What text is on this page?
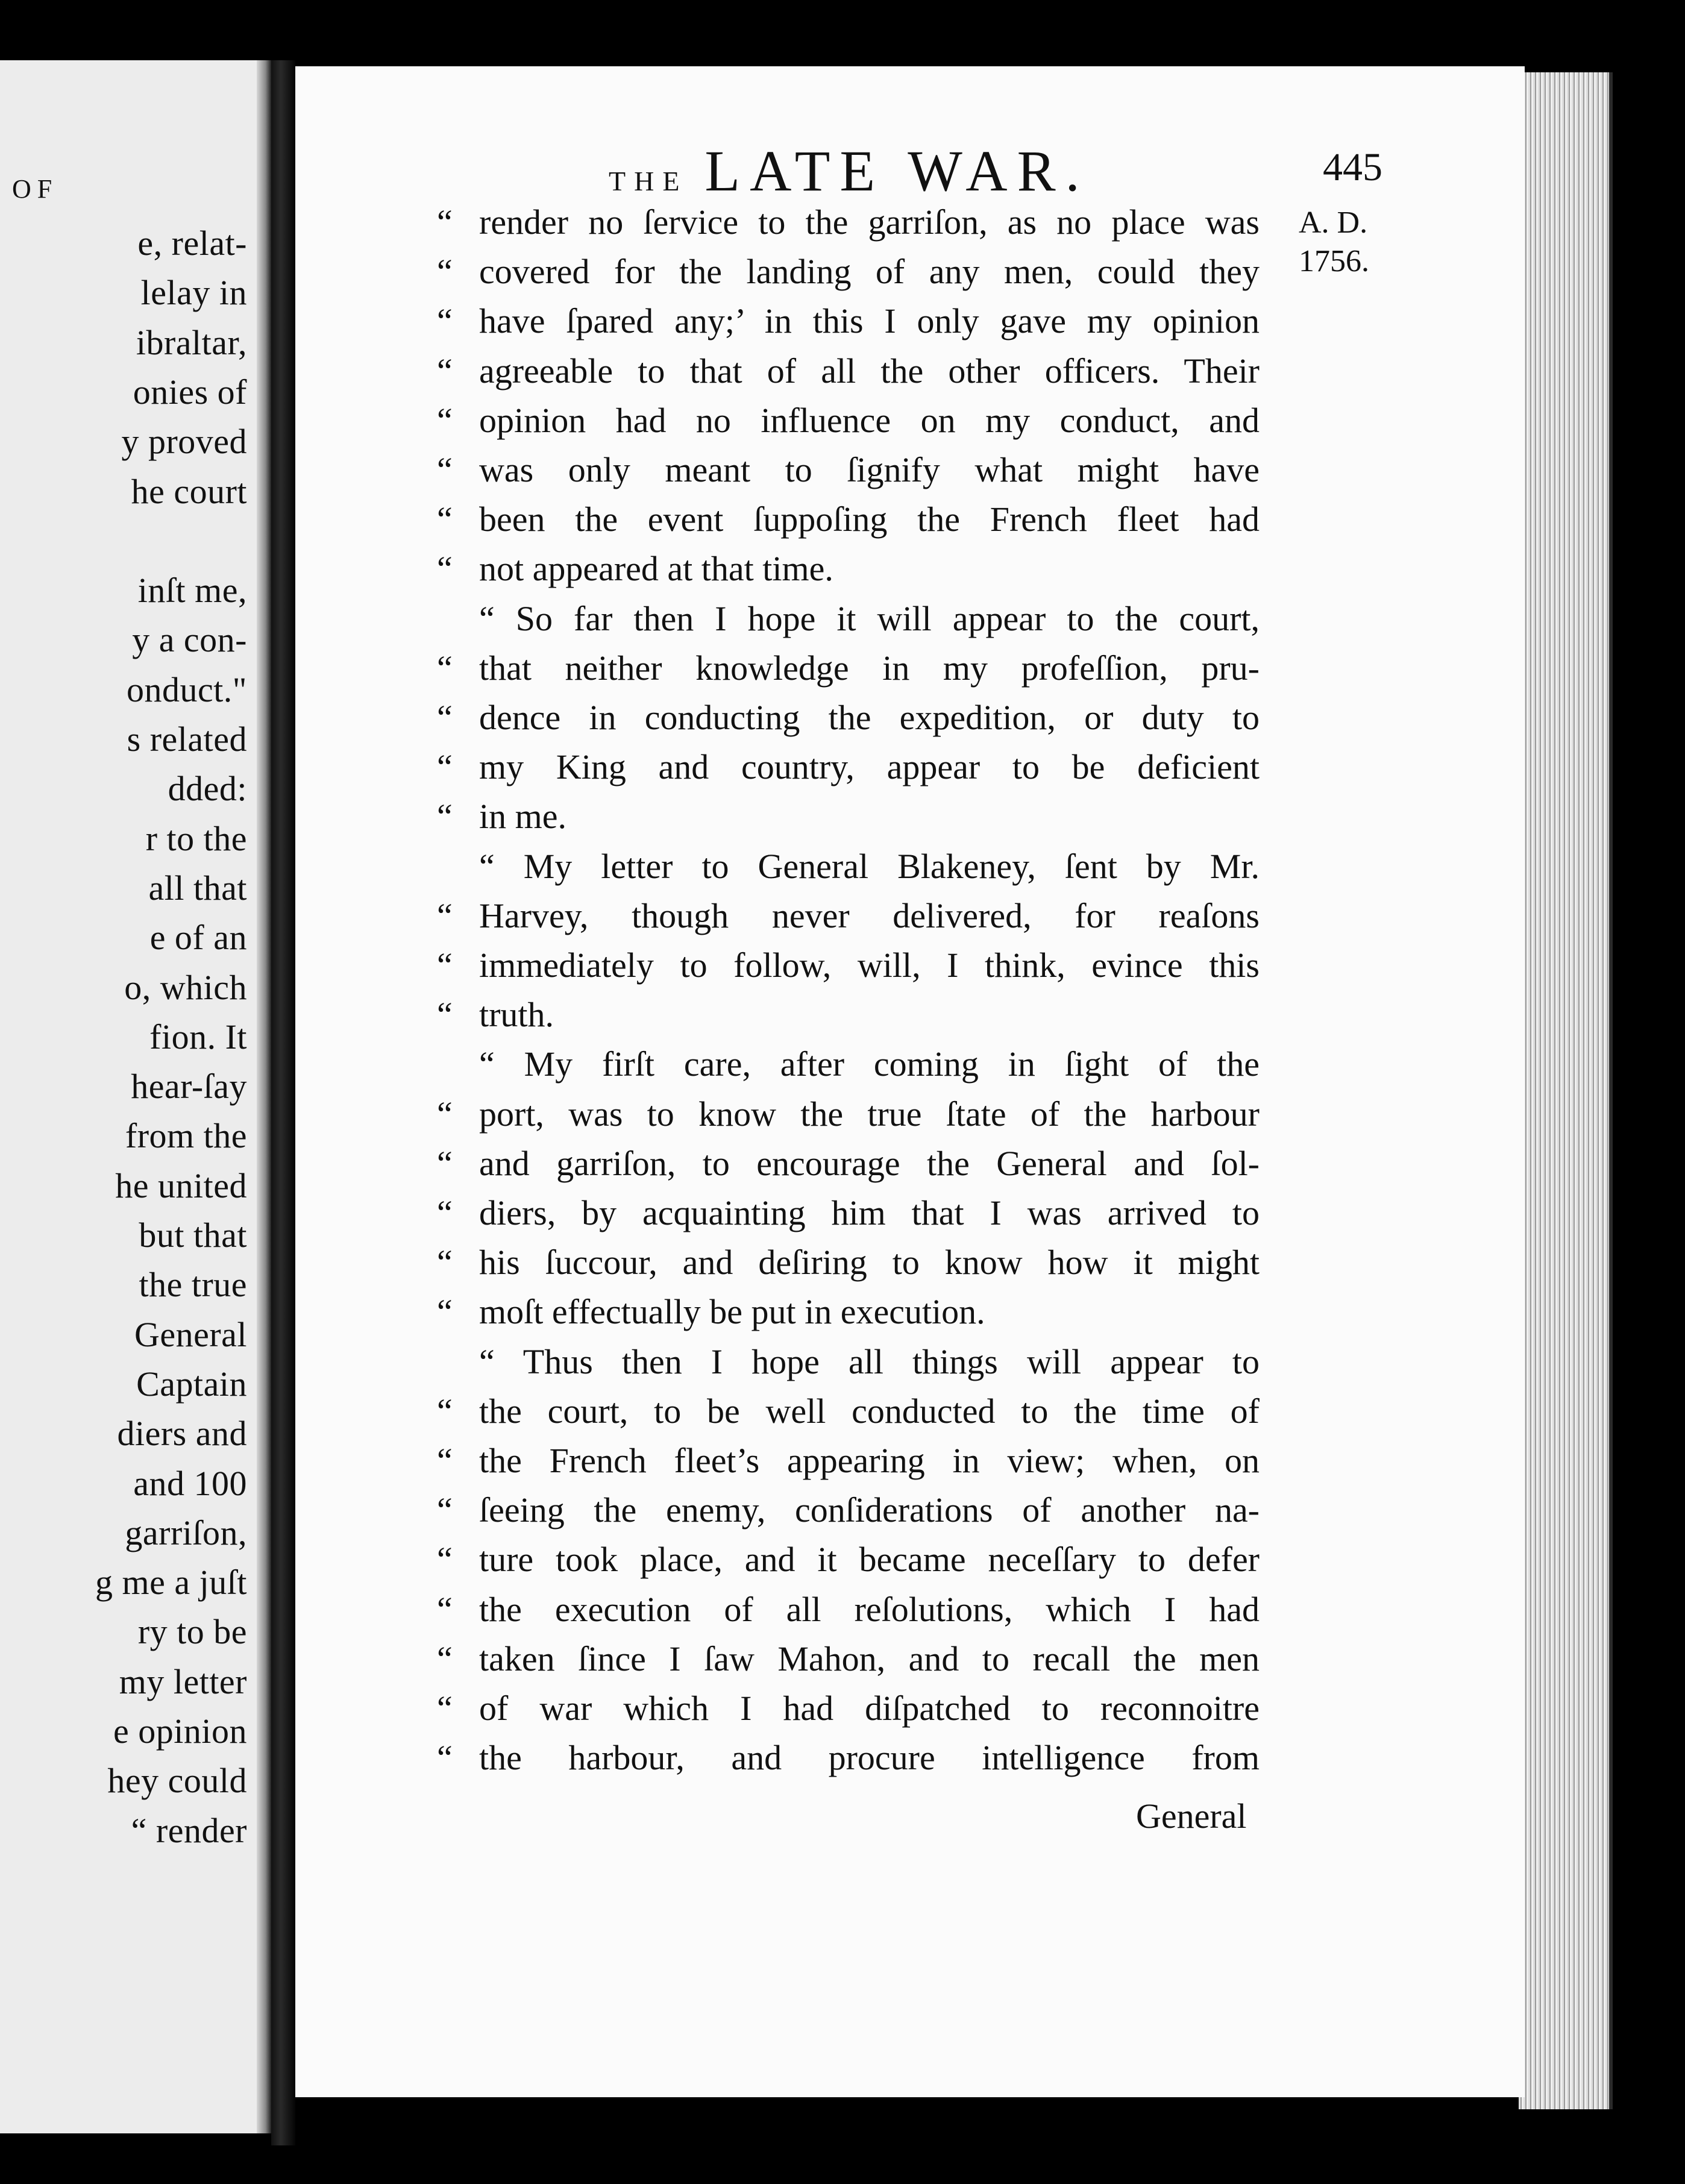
OF
e, relat-
lelay in
ibraltar,
onies of
y proved
he court
inſt me,
y a con-
onduct."
s related
dded:
r to the
all that
e of an
o, which
fion. It
hear-ſay
from the
he united
but that
the true
General
Captain
diers and
and 100
garriſon,
g me a juſt
ry to be
my letter
e opinion
hey could
“ render
THE LATE WAR.	445
A. D.
1756.
“ render no ſervice to the garriſon, as no place was
“ covered for the landing of any men, could they
“ have ſpared any;’ in this I only gave my opinion
“ agreeable to that of all the other officers. Their
“ opinion had no influence on my conduct, and
“ was only meant to ſignify what might have
“ been the event ſuppoſing the French fleet had
“ not appeared at that time.
“ So far then I hope it will appear to the court,
“ that neither knowledge in my profeſſion, pru-
“ dence in conducting the expedition, or duty to
“ my King and country, appear to be deficient
“ in me.
“ My letter to General Blakeney, ſent by Mr.
“ Harvey, though never delivered, for reaſons
“ immediately to follow, will, I think, evince this
“ truth.
“ My firſt care, after coming in ſight of the
“ port, was to know the true ſtate of the harbour
“ and garriſon, to encourage the General and ſol-
“ diers, by acquainting him that I was arrived to
“ his ſuccour, and deſiring to know how it might
“ moſt effectually be put in execution.
“ Thus then I hope all things will appear to
“ the court, to be well conducted to the time of
“ the French fleet’s appearing in view; when, on
“ ſeeing the enemy, conſiderations of another na-
“ ture took place, and it became neceſſary to defer
“ the execution of all reſolutions, which I had
“ taken ſince I ſaw Mahon, and to recall the men
“ of war which I had diſpatched to reconnoitre
“ the harbour, and procure intelligence from
General
